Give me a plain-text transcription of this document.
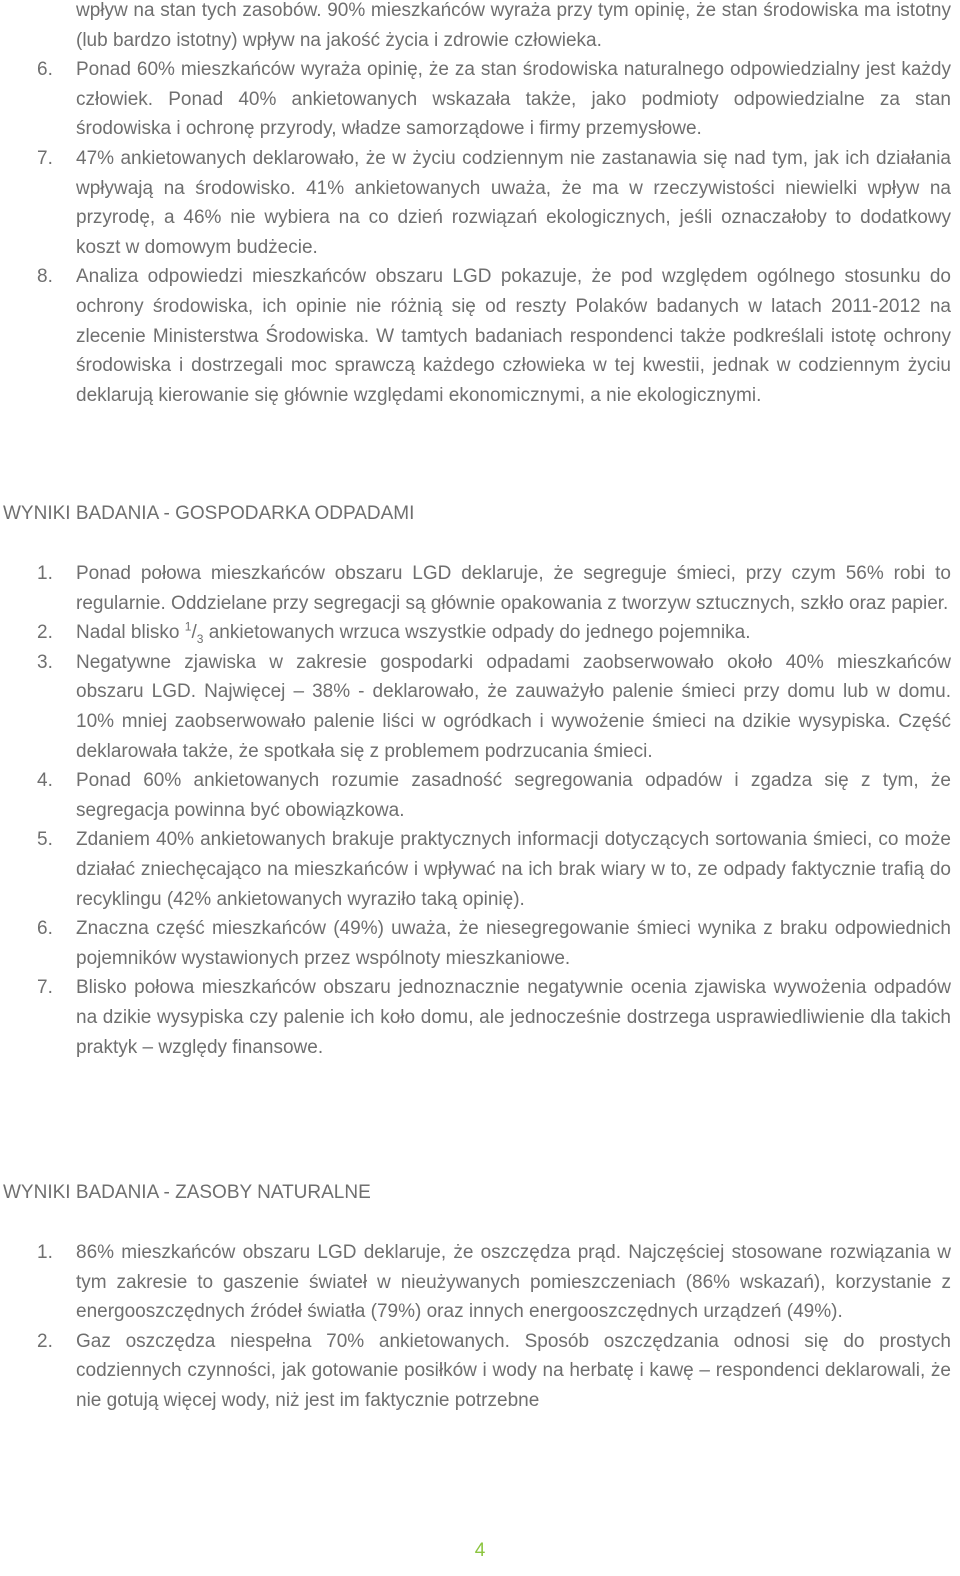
wpływ na stan tych zasobów. 90% mieszkańców wyraża przy tym opinię, że stan środowiska ma istotny (lub bardzo istotny) wpływ na jakość życia i zdrowie człowieka.
6. Ponad 60% mieszkańców wyraża opinię, że za stan środowiska naturalnego odpowiedzialny jest każdy człowiek. Ponad 40% ankietowanych wskazała także, jako podmioty odpowiedzialne za stan środowiska i ochronę przyrody, władze samorządowe i firmy przemysłowe.
7. 47% ankietowanych deklarowało, że w życiu codziennym nie zastanawia się nad tym, jak ich działania wpływają na środowisko. 41% ankietowanych uważa, że ma w rzeczywistości niewielki wpływ na przyrodę, a 46% nie wybiera na co dzień rozwiązań ekologicznych, jeśli oznaczałoby to dodatkowy koszt w domowym budżecie.
8. Analiza odpowiedzi mieszkańców obszaru LGD pokazuje, że pod względem ogólnego stosunku do ochrony środowiska, ich opinie nie różnią się od reszty Polaków badanych w latach 2011-2012 na zlecenie Ministerstwa Środowiska. W tamtych badaniach respondenci także podkreślali istotę ochrony środowiska i dostrzegali moc sprawczą każdego człowieka w tej kwestii, jednak w codziennym życiu deklarują kierowanie się głównie względami ekonomicznymi, a nie ekologicznymi.
WYNIKI BADANIA - GOSPODARKA ODPADAMI
1. Ponad połowa mieszkańców obszaru LGD deklaruje, że segreguje śmieci, przy czym 56% robi to regularnie. Oddzielane przy segregacji są głównie opakowania z tworzyw sztucznych, szkło oraz papier.
2. Nadal blisko $^1/_3$ ankietowanych wrzuca wszystkie odpady do jednego pojemnika.
3. Negatywne zjawiska w zakresie gospodarki odpadami zaobserwowało około 40% mieszkańców obszaru LGD. Najwięcej – 38% - deklarowało, że zauważyło palenie śmieci przy domu lub w domu. 10% mniej zaobserwowało palenie liści w ogródkach i wywożenie śmieci na dzikie wysypiska. Część deklarowała także, że spotkała się z problemem podrzucania śmieci.
4. Ponad 60% ankietowanych rozumie zasadność segregowania odpadów i zgadza się z tym, że segregacja powinna być obowiązkowa.
5. Zdaniem 40% ankietowanych brakuje praktycznych informacji dotyczących sortowania śmieci, co może działać zniechęcająco na mieszkańców i wpływać na ich brak wiary w to, ze odpady faktycznie trafią do recyklingu (42% ankietowanych wyraziło taką opinię).
6. Znaczna część mieszkańców (49%) uważa, że niesegregowanie śmieci wynika z braku odpowiednich pojemników wystawionych przez wspólnoty mieszkaniowe.
7. Blisko połowa mieszkańców obszaru jednoznacznie negatywnie ocenia zjawiska wywożenia odpadów na dzikie wysypiska czy palenie ich koło domu, ale jednocześnie dostrzega usprawiedliwienie dla takich praktyk – względy finansowe.
WYNIKI BADANIA - ZASOBY NATURALNE
1. 86% mieszkańców obszaru LGD deklaruje, że oszczędza prąd. Najczęściej stosowane rozwiązania w tym zakresie to gaszenie świateł w nieużywanych pomieszczeniach (86% wskazań), korzystanie z energooszczędnych źródeł światła (79%) oraz innych energooszczędnych urządzeń (49%).
2. Gaz oszczędza niespełna 70% ankietowanych. Sposób oszczędzania odnosi się do prostych codziennych czynności, jak gotowanie posiłków i wody na herbatę i kawę – respondenci deklarowali, że nie gotują więcej wody, niż jest im faktycznie potrzebne
4
